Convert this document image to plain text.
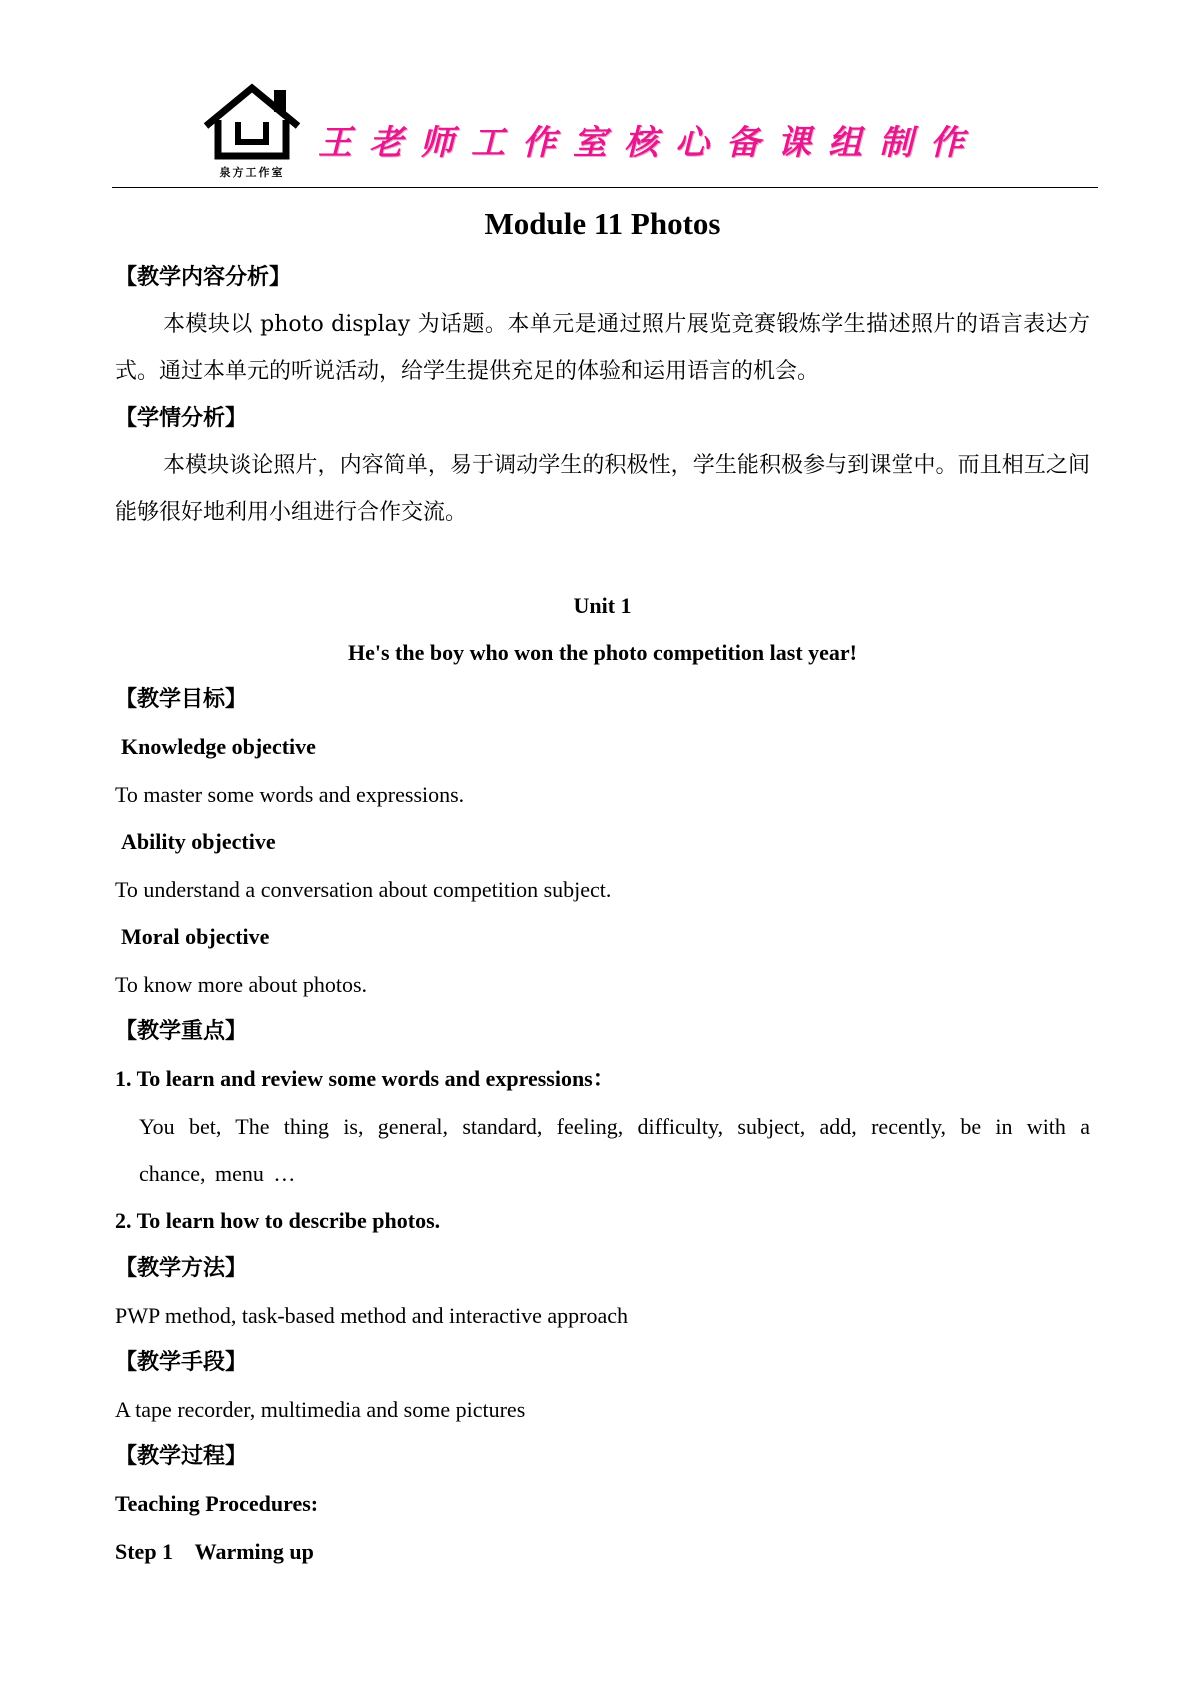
泉方工作室
王老师工作室核心备课组制作
Module 11 Photos
【教学内容分析】
本模块以 photo display 为话题。本单元是通过照片展览竞赛锻炼学生描述照片的语言表达方式。通过本单元的听说活动，给学生提供充足的体验和运用语言的机会。
【学情分析】
本模块谈论照片，内容简单，易于调动学生的积极性，学生能积极参与到课堂中。而且相互之间能够很好地利用小组进行合作交流。
Unit 1
He's the boy who won the photo competition last year!
【教学目标】
Knowledge objective
To master some words and expressions.
Ability objective
To understand a conversation about competition subject.
Moral objective
To know more about photos.
【教学重点】
1. To learn and review some words and expressions：
You bet, The thing is, general, standard, feeling, difficulty, subject, add, recently, be in with a chance, menu …
2. To learn how to describe photos.
【教学方法】
PWP method, task-based method and interactive approach
【教学手段】
A tape recorder, multimedia and some pictures
【教学过程】
Teaching Procedures:
Step 1    Warming up
